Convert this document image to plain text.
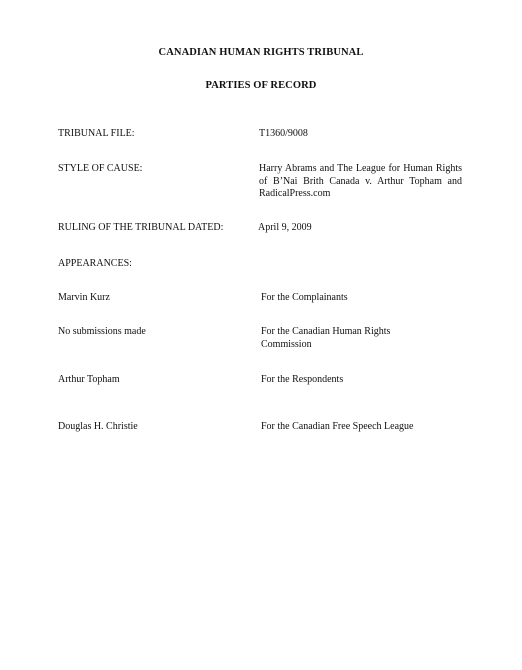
CANADIAN HUMAN RIGHTS TRIBUNAL
PARTIES OF RECORD
TRIBUNAL FILE:	T1360/9008
STYLE OF CAUSE:	Harry Abrams and The League for Human Rights of B’Nai Brith Canada v. Arthur Topham and RadicalPress.com
RULING OF THE TRIBUNAL DATED:	April 9, 2009
APPEARANCES:
Marvin Kurz	For the Complainants
No submissions made	For the Canadian Human Rights Commission
Arthur Topham	For the Respondents
Douglas H. Christie	For the Canadian Free Speech League
